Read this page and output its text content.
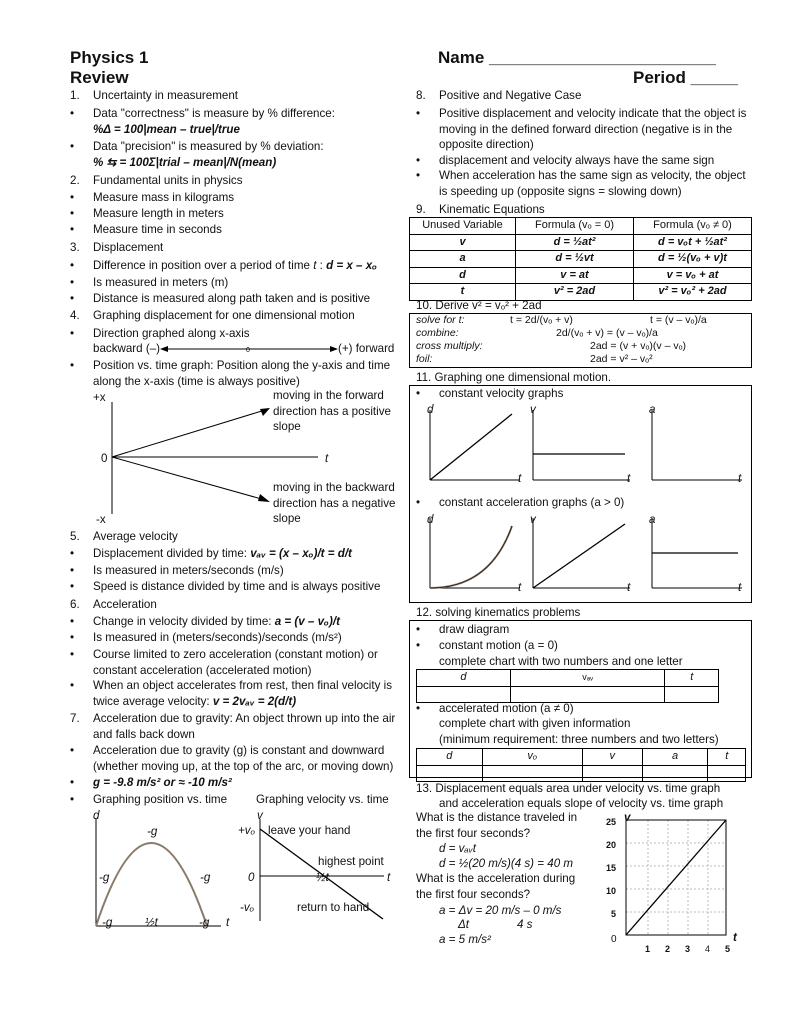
Physics 1
Review
Name ________________________
Period _____
1.	Uncertainty in measurement
•	Data "correctness" is measure by % difference:
%Δ = 100|mean – true|/true
•	Data "precision" is measured by % deviation:
% ⇆ = 100Σ|trial – mean|/N(mean)
2.	Fundamental units in physics
•	Measure mass in kilograms
•	Measure length in meters
•	Measure time in seconds
3.	Displacement
•	Difference in position over a period of time t : d = x – xₒ
•	Is measured in meters (m)
•	Distance is measured along path taken and is positive
4.	Graphing displacement for one dimensional motion
•	Direction graphed along x-axis
backward (–)	0	(+) forward
•	Position vs. time graph: Position along the y-axis and time along the x-axis (time is always positive)
+x
0
-x
t
moving in the forward direction has a positive slope
moving in the backward direction has a negative slope
5.	Average velocity
•	Displacement divided by time: vₐᵥ = (x – xₒ)/t = d/t
•	Is measured in meters/seconds (m/s)
•	Speed is distance divided by time and is always positive
6.	Acceleration
•	Change in velocity divided by time: a = (v – vₒ)/t
•	Is measured in (meters/seconds)/seconds (m/s²)
•	Course limited to zero acceleration (constant motion) or constant acceleration (accelerated motion)
•	When an object accelerates from rest, then final velocity is twice average velocity: v = 2vₐᵥ = 2(d/t)
7.	Acceleration due to gravity: An object thrown up into the air and falls back down
•	Acceleration due to gravity (g) is constant and downward (whether moving up, at the top of the arc, or moving down)
•	g = -9.8 m/s² or ≈ -10 m/s²
•	Graphing position vs. time	Graphing velocity vs. time
d
-g
-g	-g
-g	½t	-g t
v
+vₒ leave your hand
highest point
0	½t	t
-vₒ	return to hand
8.	Positive and Negative Case
•	Positive displacement and velocity indicate that the object is moving in the defined forward direction (negative is in the opposite direction)
•	displacement and velocity always have the same sign
•	When acceleration has the same sign as velocity, the object is speeding up (opposite signs = slowing down)
9.	Kinematic Equations
Unused Variable	Formula (vₒ = 0)	Formula (vₒ ≠ 0)
v	d = ½at²	d = vₒt + ½at²
a	d = ½vt	d = ½(vₒ + v)t
d	v = at	v = vₒ + at
t	v² = 2ad	v² = vₒ² + 2ad
10. Derive v² = vₒ² + 2ad
solve for t:	t = 2d/(vₒ + v)	t = (v – vₒ)/a
combine:	2d/(vₒ + v) = (v – vₒ)/a
cross multiply:	2ad = (v + vₒ)(v – vₒ)
foil:	2ad = v² – vₒ²
11. Graphing one dimensional motion.
•	constant velocity graphs
d	v	a
t	t	t
•	constant acceleration graphs (a > 0)
d	v	a
t	t	t
12. solving kinematics problems
•	draw diagram
•	constant motion (a = 0)
complete chart with two numbers and one letter
d	vₐᵥ	t

•	accelerated motion (a ≠ 0)
complete chart with given information
(minimum requirement: three numbers and two letters)
d	vₒ	v	a	t

13. Displacement equals area under velocity vs. time graph
and acceleration equals slope of velocity vs. time graph
What is the distance traveled in the first four seconds?
d = vₐᵥt
d = ½(20 m/s)(4 s) = 40 m
What is the acceleration during the first four seconds?
a = Δv = 20 m/s – 0 m/s
Δt	4 s
a = 5 m/s²
v
t
25
20
15
10
5
0
1 2 3 4 5
